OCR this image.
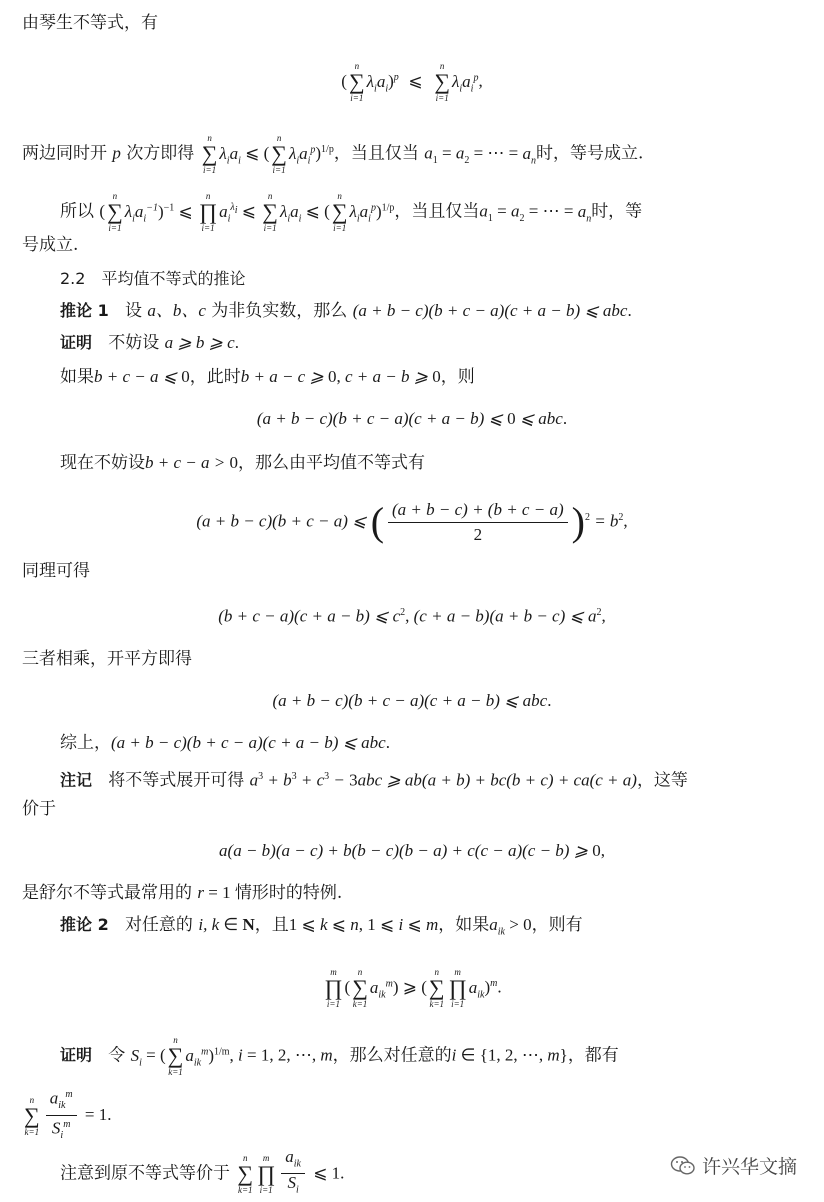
由琴生不等式，有
(
n
∑
i=1
$\lambda_ia_i)^p$  ⩽
n
∑
i=1
$\lambda_ia_i^p$,
两边同时开 p 次方即得
n
∑
i=1
$\lambda_ia_i$ ⩽ (
n
∑
i=1
$\lambda_ia_i^p)^{1/p}$，当且仅当 $a_1 = a_2$ = ⋯ = $a_n$时，等号成立.
所以 (
n
∑
i=1
$\lambda_ia_i^{-1})^{-1}$ ⩽
n
∏
i=1
$a_i^{\lambda_i}$ ⩽
n
∑
i=1
$\lambda_ia_i$ ⩽ (
n
∑
i=1
$\lambda_ia_i^p)^{1/p}$，当且仅当$a_1 = a_2$ = ⋯ = $a_n$时，等
号成立.
2.2　平均值不等式的推论
推论 1 设 a、b、c 为非负实数，那么 (a + b − c)(b + c − a)(c + a − b) ⩽ abc.
证明 不妨设 a ⩾ b ⩾ c.
如果b + c − a ⩽ 0，此时b + a − c ⩾ 0, c + a − b ⩾ 0，则
(a + b − c)(b + c − a)(c + a − b) ⩽ 0 ⩽ abc.
现在不妨设b + c − a > 0，那么由平均值不等式有
(a + b − c)(b + c − a) ⩽ ( $\frac{(a + b - c) + (b + c - a)}{2} )^2 = b^2$,
同理可得
(b + c − a)(c + a − b) ⩽ $c^2$, (c + a − b)(a + b − c) ⩽ $a^2$,
三者相乘，开平方即得
(a + b − c)(b + c − a)(c + a − b) ⩽ abc.
综上，(a + b − c)(b + c − a)(c + a − b) ⩽ abc.
注记 将不等式展开可得 $a^3 + b^3 + c^3 - 3abc$ ⩾ ab(a + b) + bc(b + c) + ca(c + a)，这等
价于
a(a − b)(a − c) + b(b − c)(b − a) + c(c − a)(c − b) ⩾ 0,
是舒尔不等式最常用的 r = 1 情形时的特例.
推论 2 对任意的 i, k ∈ N，且1 ⩽ k ⩽ n, 1 ⩽ i ⩽ m，如果$a_{ik} > 0$，则有
m
∏
i=1
(
n
∑
k=1
$a_{ik}^m$) ⩾ (
n
∑
k=1
m
∏
i=1
$a_{ik})^m$.
证明 令 $S_i$ = (
n
∑
k=1
$a_{ik}^m)^{1/m}$, i = 1, 2, ⋯, m，那么对任意的i ∈ {1, 2, ⋯, m}，都有
n
∑
$k=1 \frac{a_{ik}^m}{S_i^m} = 1$.
注意到原不等式等价于
n
∑
k=1
m
∏
$i=1 \frac{a_{ik}}{S_i}$ ⩽ 1.	许兴华文摘
